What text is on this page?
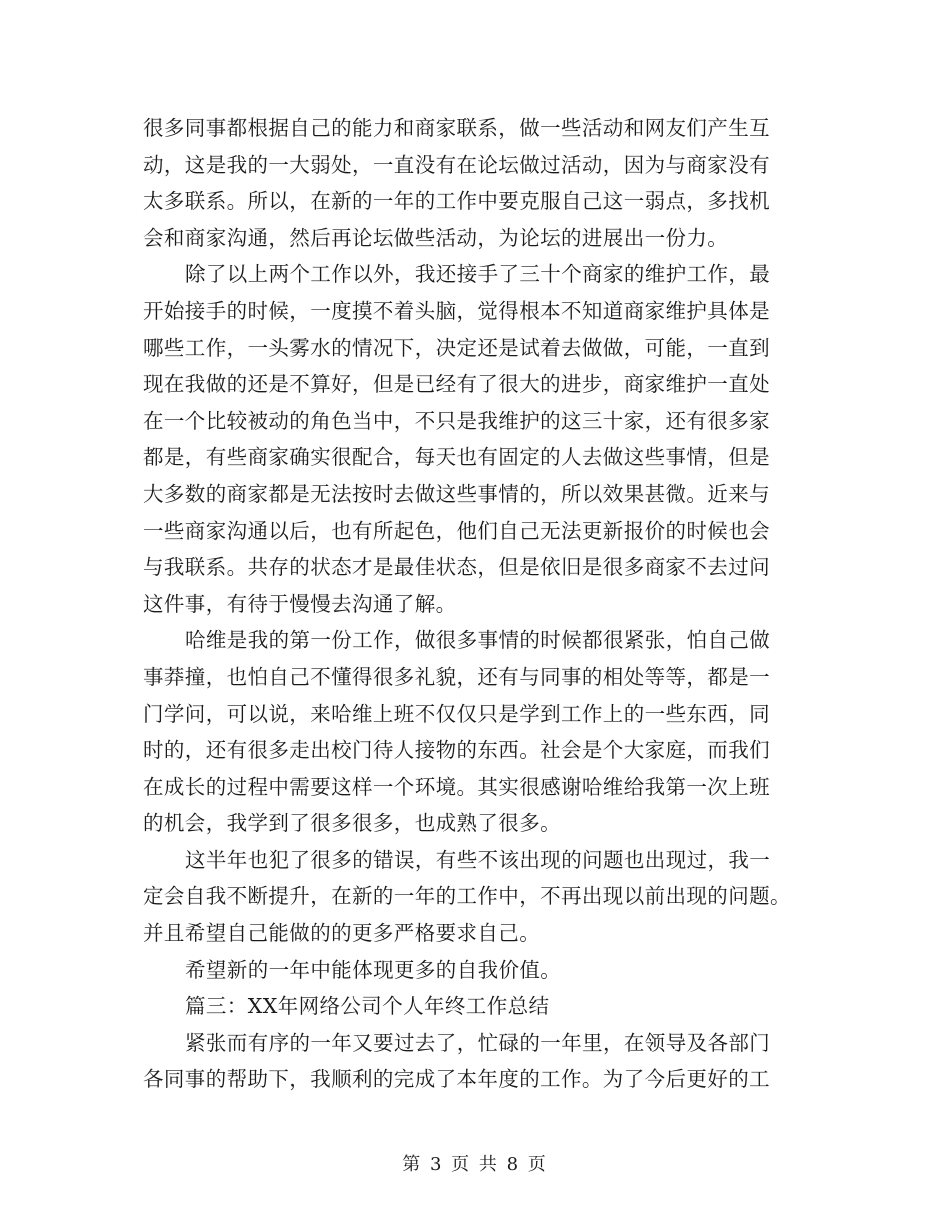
很多同事都根据自己的能力和商家联系，做一些活动和网友们产生互
动，这是我的一大弱处，一直没有在论坛做过活动，因为与商家没有
太多联系。所以，在新的一年的工作中要克服自己这一弱点，多找机
会和商家沟通，然后再论坛做些活动，为论坛的进展出一份力。
除了以上两个工作以外，我还接手了三十个商家的维护工作，最
开始接手的时候，一度摸不着头脑，觉得根本不知道商家维护具体是
哪些工作，一头雾水的情况下，决定还是试着去做做，可能，一直到
现在我做的还是不算好，但是已经有了很大的进步，商家维护一直处
在一个比较被动的角色当中，不只是我维护的这三十家，还有很多家
都是，有些商家确实很配合，每天也有固定的人去做这些事情，但是
大多数的商家都是无法按时去做这些事情的，所以效果甚微。近来与
一些商家沟通以后，也有所起色，他们自己无法更新报价的时候也会
与我联系。共存的状态才是最佳状态，但是依旧是很多商家不去过问
这件事，有待于慢慢去沟通了解。
哈维是我的第一份工作，做很多事情的时候都很紧张，怕自己做
事莽撞，也怕自己不懂得很多礼貌，还有与同事的相处等等，都是一
门学问，可以说，来哈维上班不仅仅只是学到工作上的一些东西，同
时的，还有很多走出校门待人接物的东西。社会是个大家庭，而我们
在成长的过程中需要这样一个环境。其实很感谢哈维给我第一次上班
的机会，我学到了很多很多，也成熟了很多。
这半年也犯了很多的错误，有些不该出现的问题也出现过，我一
定会自我不断提升，在新的一年的工作中，不再出现以前出现的问题。
并且希望自己能做的的更多严格要求自己。
希望新的一年中能体现更多的自我价值。
篇三：XX年网络公司个人年终工作总结
紧张而有序的一年又要过去了，忙碌的一年里，在领导及各部门
各同事的帮助下，我顺利的完成了本年度的工作。为了今后更好的工
第 3 页 共 8 页
